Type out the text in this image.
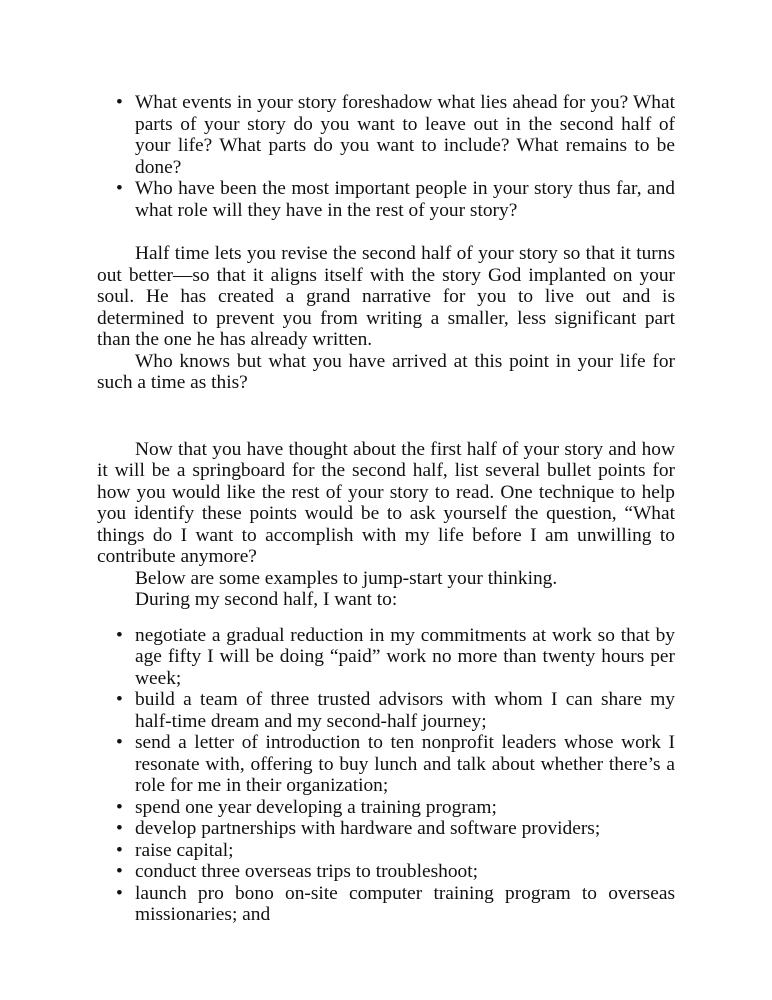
• What events in your story foreshadow what lies ahead for you? What parts of your story do you want to leave out in the second half of your life? What parts do you want to include? What remains to be done?
• Who have been the most important people in your story thus far, and what role will they have in the rest of your story?

Half time lets you revise the second half of your story so that it turns out better—so that it aligns itself with the story God implanted on your soul. He has created a grand narrative for you to live out and is determined to prevent you from writing a smaller, less significant part than the one he has already written.

Who knows but what you have arrived at this point in your life for such a time as this?

Now that you have thought about the first half of your story and how it will be a springboard for the second half, list several bullet points for how you would like the rest of your story to read. One technique to help you identify these points would be to ask yourself the question, “What things do I want to accomplish with my life before I am unwilling to contribute anymore?

Below are some examples to jump-start your thinking.

During my second half, I want to:

• negotiate a gradual reduction in my commitments at work so that by age fifty I will be doing “paid” work no more than twenty hours per week;
• build a team of three trusted advisors with whom I can share my half-time dream and my second-half journey;
• send a letter of introduction to ten nonprofit leaders whose work I resonate with, offering to buy lunch and talk about whether there’s a role for me in their organization;
• spend one year developing a training program;
• develop partnerships with hardware and software providers;
• raise capital;
• conduct three overseas trips to troubleshoot;
• launch pro bono on-site computer training program to overseas missionaries; and
